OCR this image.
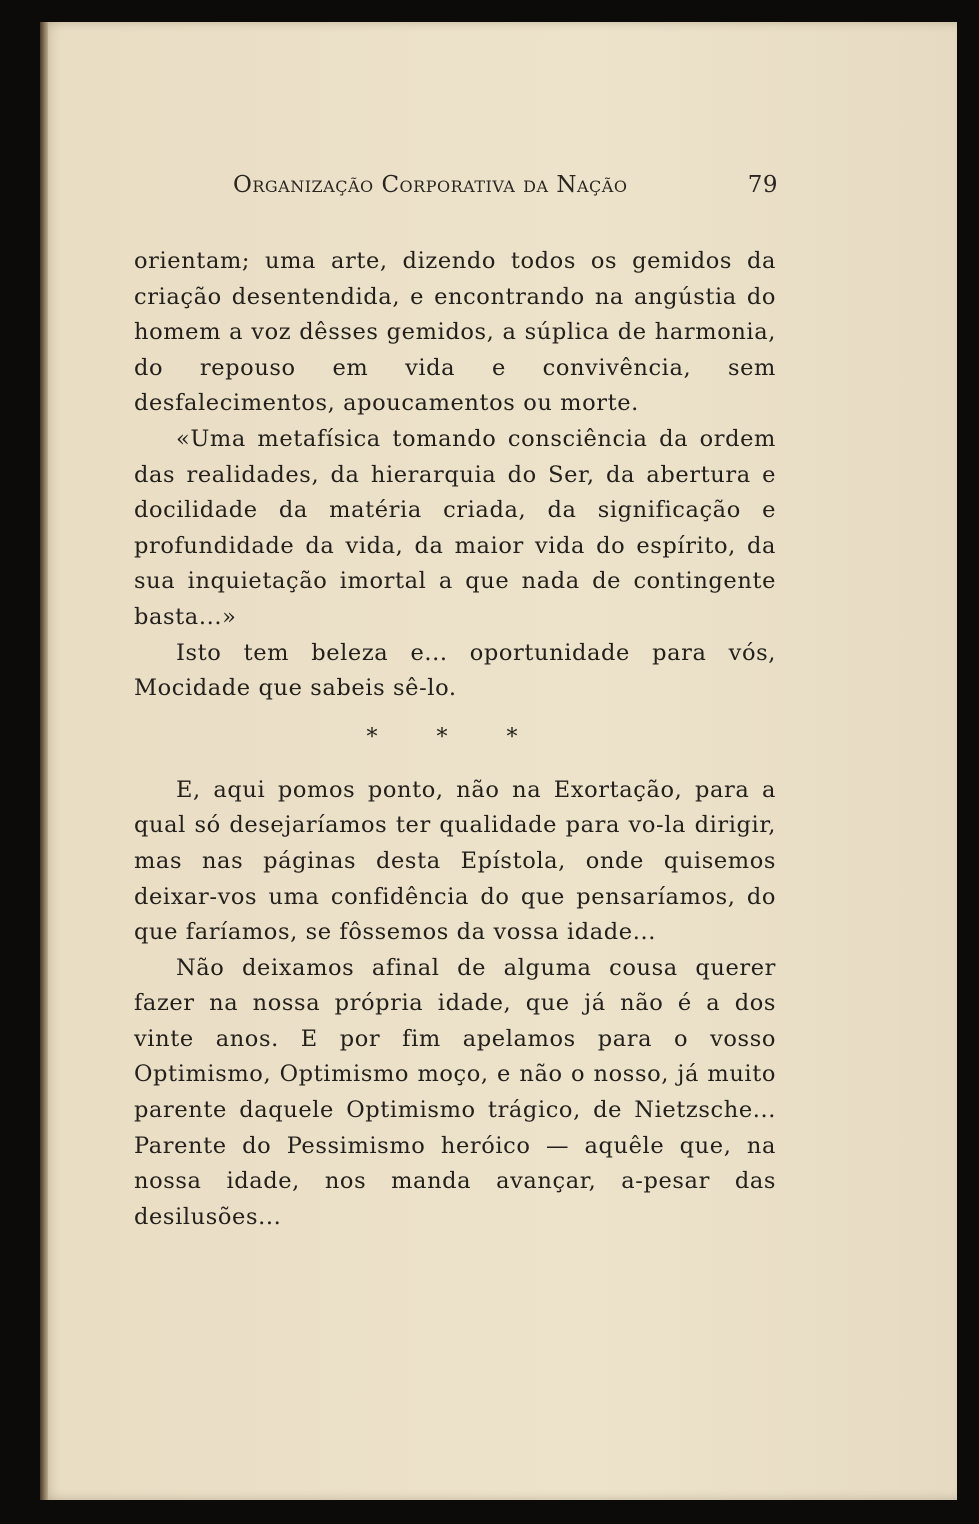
Organização Corporativa da Nação	79

orientam; uma arte, dizendo todos os gemidos da criação desentendida, e encontrando na angústia do homem a voz dêsses gemidos, a súplica de harmonia, do repouso em vida e convivência, sem desfalecimentos, apoucamentos ou morte.

«Uma metafísica tomando consciência da ordem das realidades, da hierarquia do Ser, da abertura e docilidade da matéria criada, da significação e profundidade da vida, da maior vida do espírito, da sua inquietação imortal a que nada de contingente basta...»

Isto tem beleza e... oportunidade para vós, Mocidade que sabeis sê-lo.

* * *

E, aqui pomos ponto, não na Exortação, para a qual só desejaríamos ter qualidade para vo-la dirigir, mas nas páginas desta Epístola, onde quisemos deixar-vos uma confidência do que pensaríamos, do que faríamos, se fôssemos da vossa idade...

Não deixamos afinal de alguma cousa querer fazer na nossa própria idade, que já não é a dos vinte anos. E por fim apelamos para o vosso Optimismo, Optimismo moço, e não o nosso, já muito parente daquele Optimismo trágico, de Nietzsche... Parente do Pessimismo heróico — aquêle que, na nossa idade, nos manda avançar, a-pesar das desilusões...
